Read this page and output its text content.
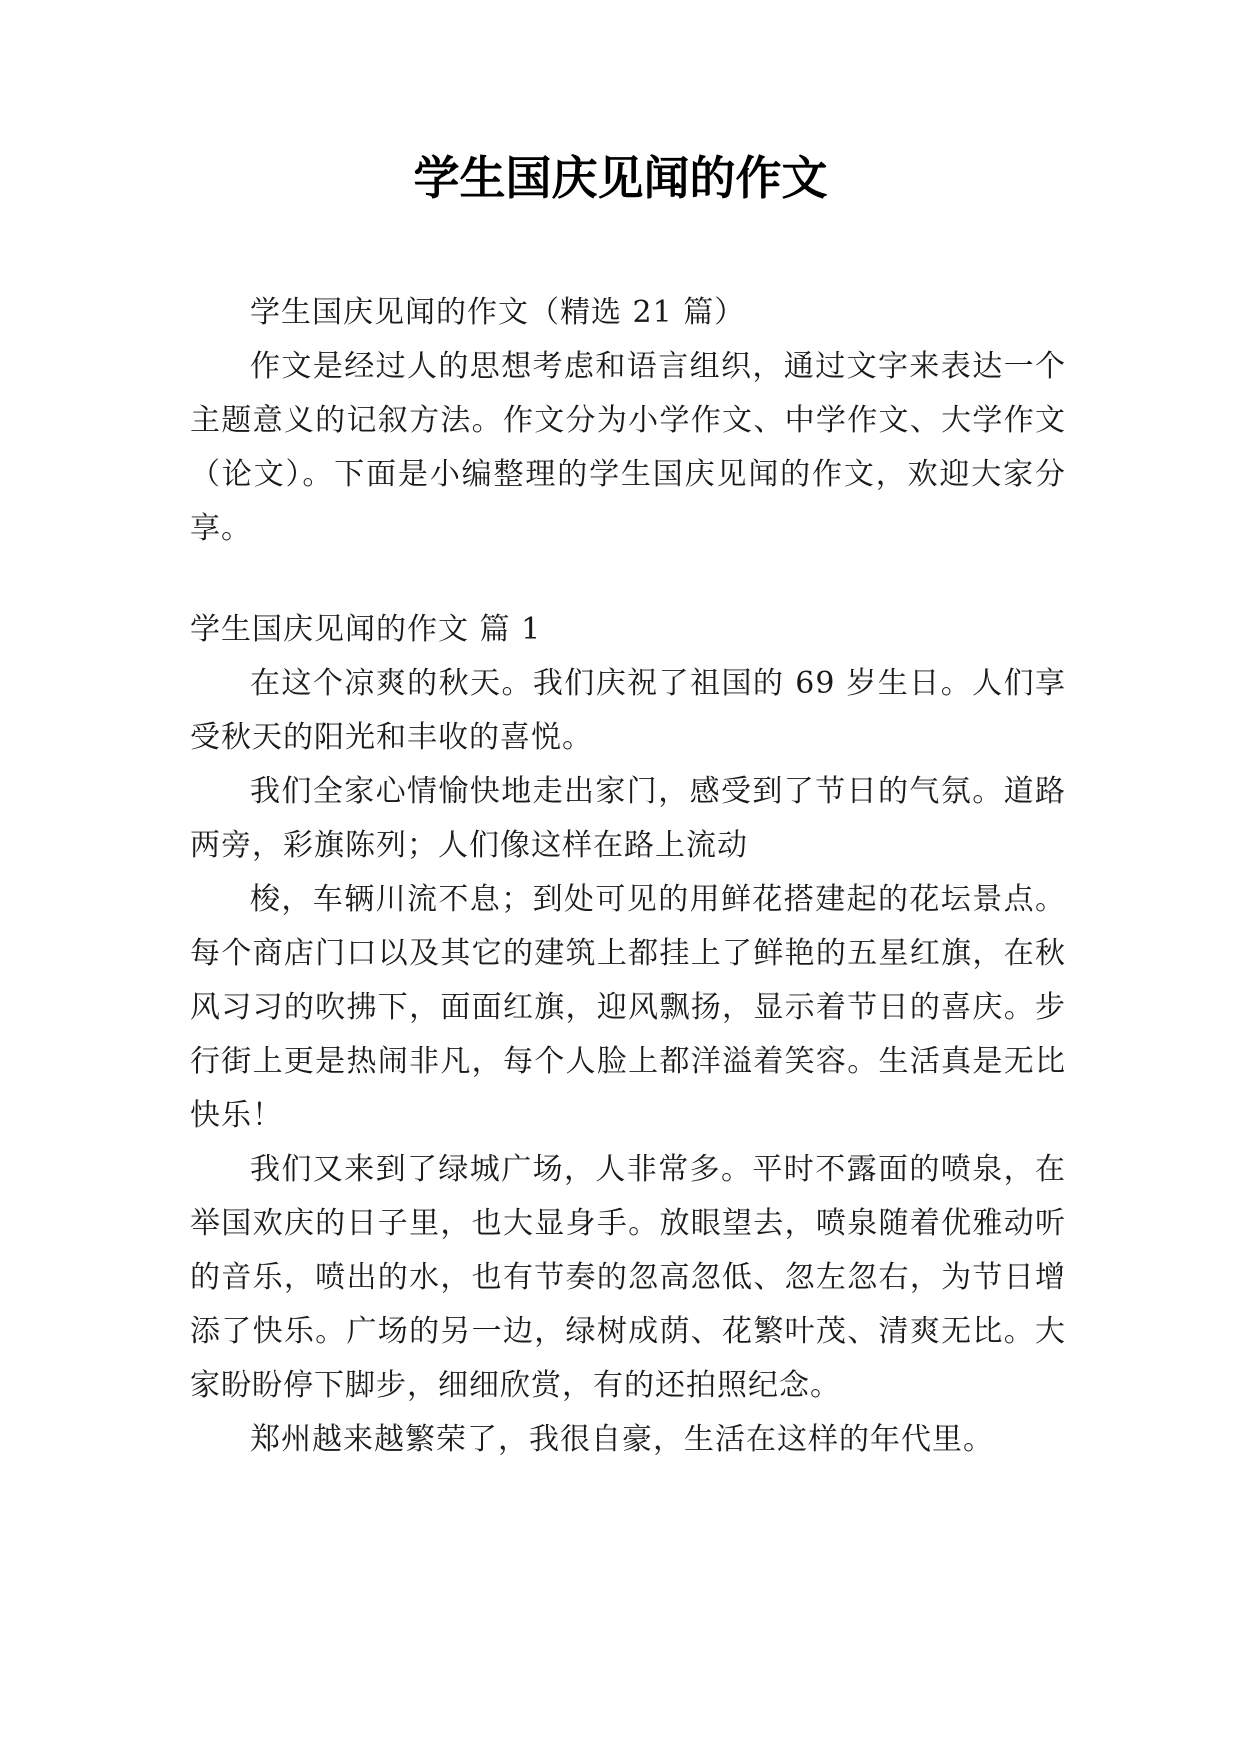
学生国庆见闻的作文

学生国庆见闻的作文（精选 21 篇）

作文是经过人的思想考虑和语言组织，通过文字来表达一个主题意义的记叙方法。作文分为小学作文、中学作文、大学作文（论文）。下面是小编整理的学生国庆见闻的作文，欢迎大家分享。

学生国庆见闻的作文 篇 1

在这个凉爽的秋天。我们庆祝了祖国的 69 岁生日。人们享受秋天的阳光和丰收的喜悦。

我们全家心情愉快地走出家门，感受到了节日的气氛。道路两旁，彩旗陈列；人们像这样在路上流动

梭，车辆川流不息；到处可见的用鲜花搭建起的花坛景点。每个商店门口以及其它的建筑上都挂上了鲜艳的五星红旗，在秋风习习的吹拂下，面面红旗，迎风飘扬，显示着节日的喜庆。步行街上更是热闹非凡，每个人脸上都洋溢着笑容。生活真是无比快乐！

我们又来到了绿城广场，人非常多。平时不露面的喷泉，在举国欢庆的日子里，也大显身手。放眼望去，喷泉随着优雅动听的音乐，喷出的水，也有节奏的忽高忽低、忽左忽右，为节日增添了快乐。广场的另一边，绿树成荫、花繁叶茂、清爽无比。大家盼盼停下脚步，细细欣赏，有的还拍照纪念。

郑州越来越繁荣了，我很自豪，生活在这样的年代里。
